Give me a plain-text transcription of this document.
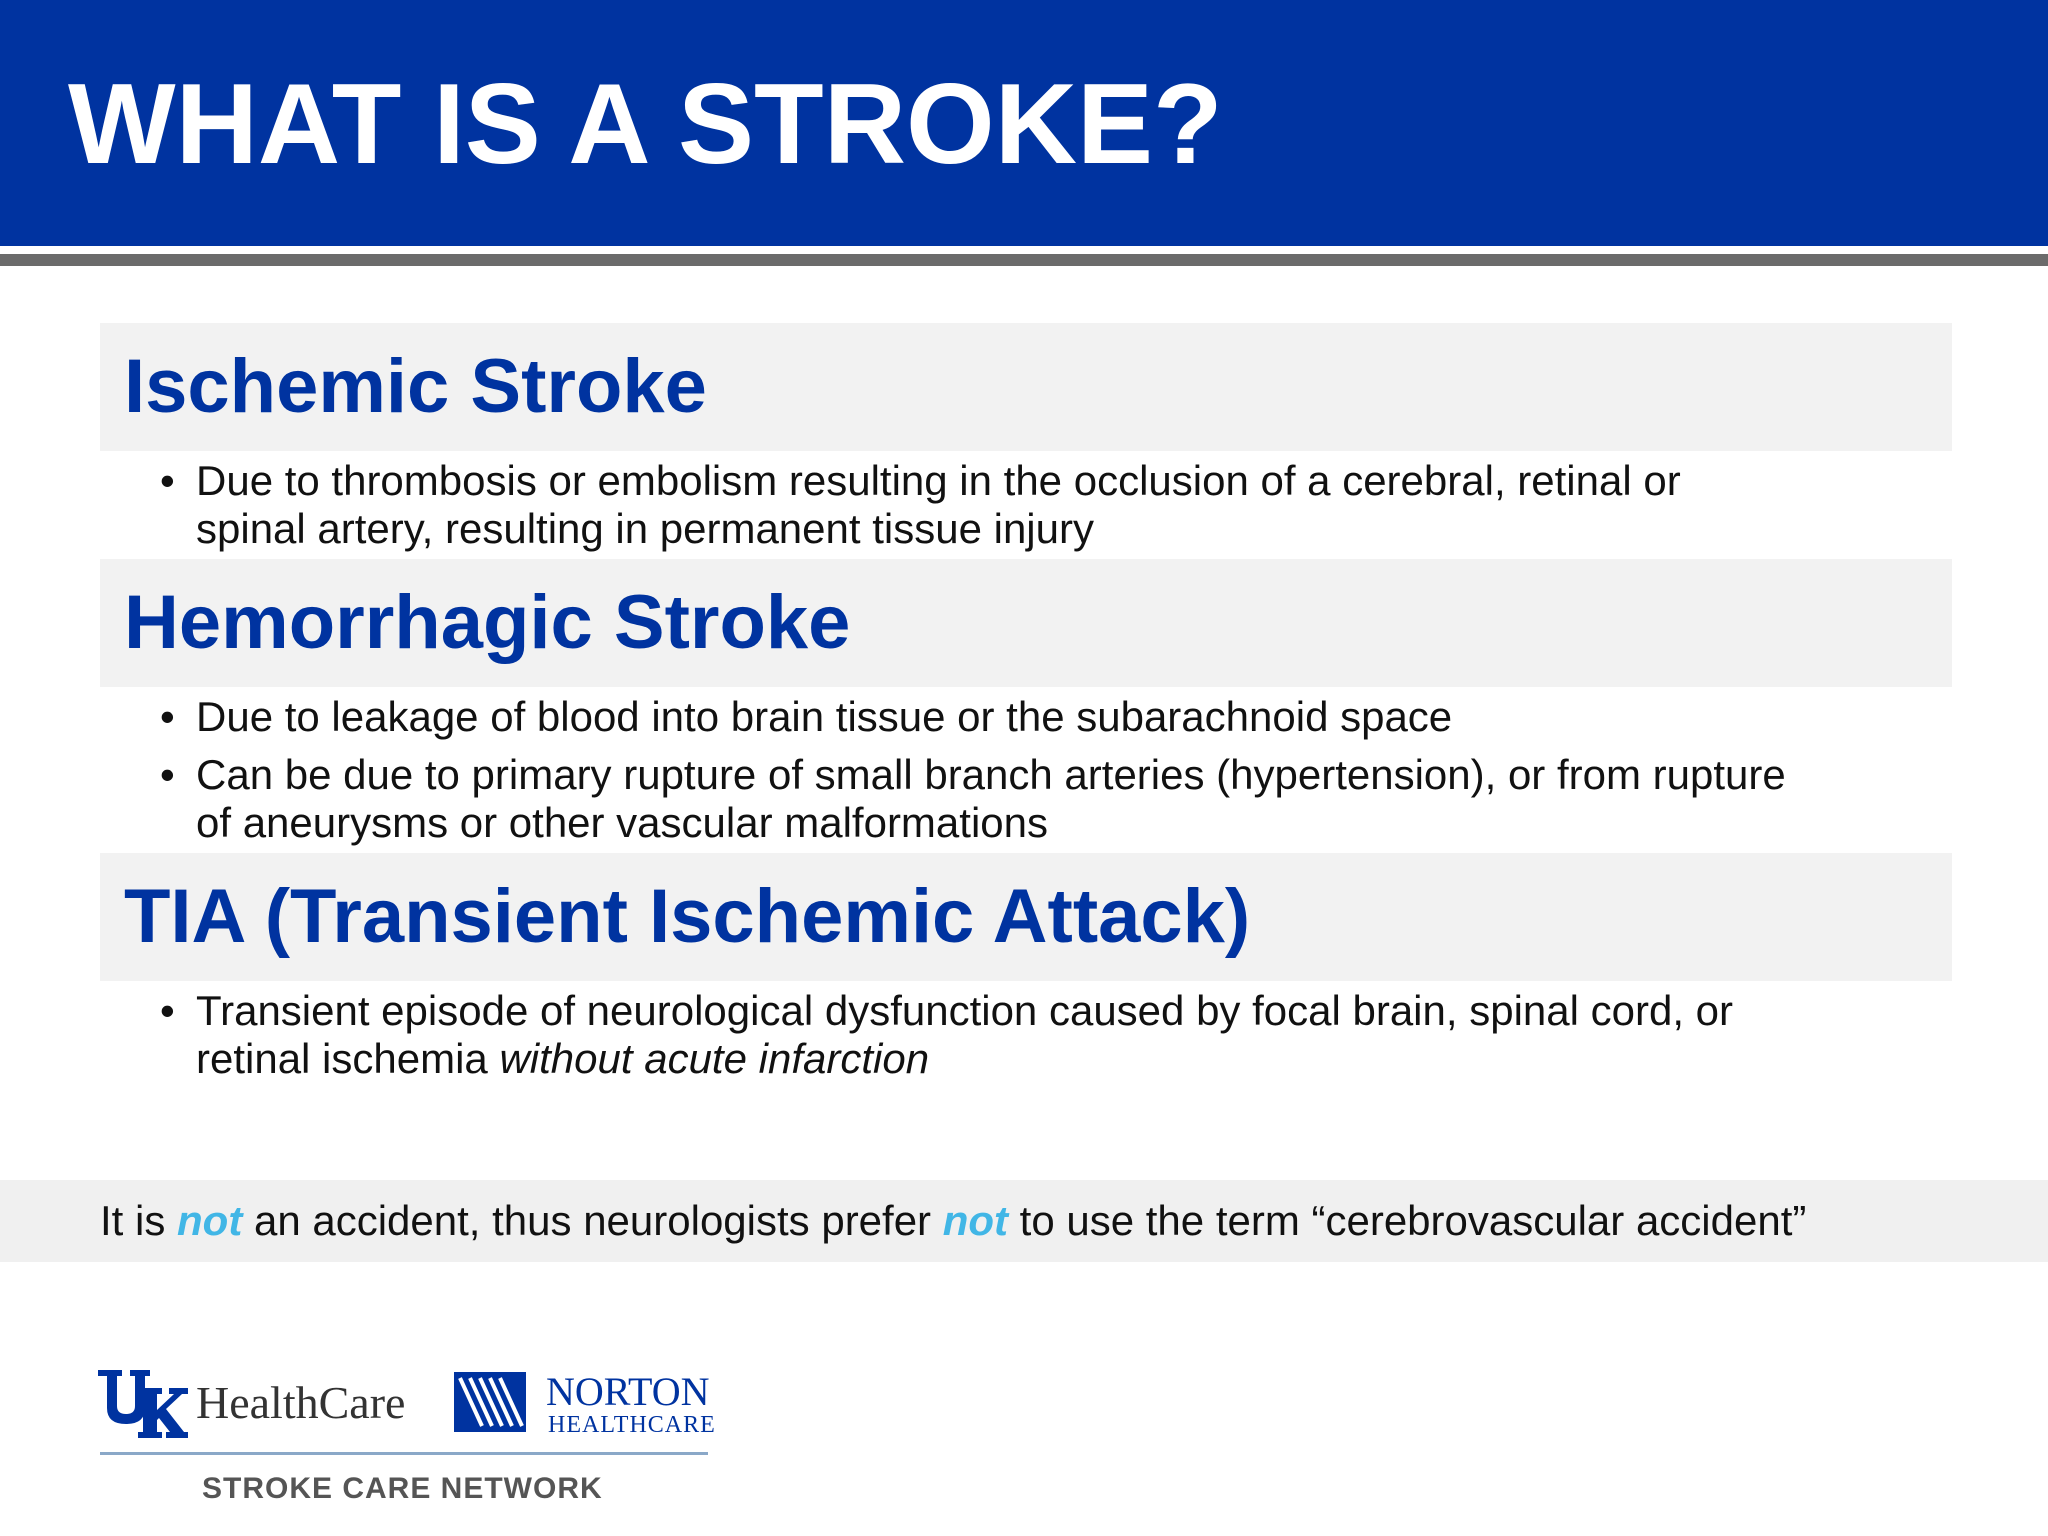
WHAT IS A STROKE?
Ischemic Stroke
• Due to thrombosis or embolism resulting in the occlusion of a cerebral, retinal or
spinal artery, resulting in permanent tissue injury
Hemorrhagic Stroke
• Due to leakage of blood into brain tissue or the subarachnoid space
• Can be due to primary rupture of small branch arteries (hypertension), or from rupture
of aneurysms or other vascular malformations
TIA (Transient Ischemic Attack)
• Transient episode of neurological dysfunction caused by focal brain, spinal cord, or
retinal ischemia without acute infarction
It is not an accident, thus neurologists prefer not to use the term “cerebrovascular accident”
HealthCare	NORTON
HEALTHCARE
STROKE CARE NETWORK
